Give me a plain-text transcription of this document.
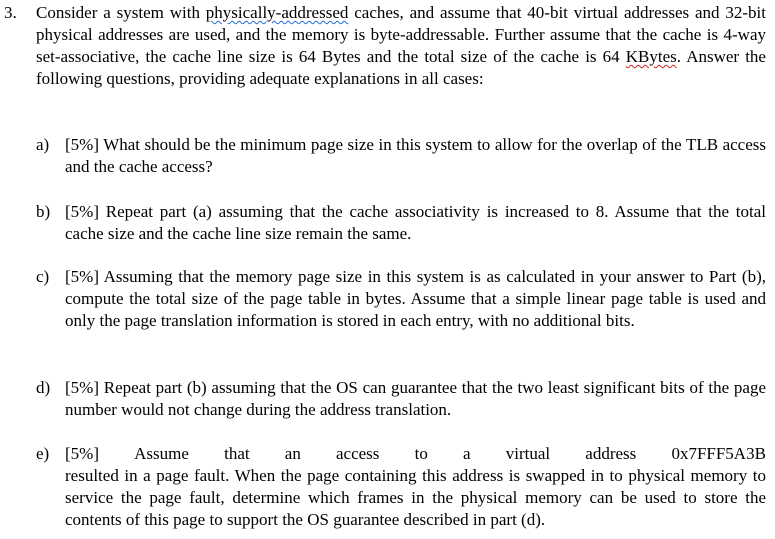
3. Consider a system with physically-addressed caches, and assume that 40-bit virtual addresses and 32-bit physical addresses are used, and the memory is byte-addressable. Further assume that the cache is 4-way set-associative, the cache line size is 64 Bytes and the total size of the cache is 64 KBytes. Answer the following questions, providing adequate explanations in all cases:
a) [5%] What should be the minimum page size in this system to allow for the overlap of the TLB access and the cache access?
b) [5%] Repeat part (a) assuming that the cache associativity is increased to 8. Assume that the total cache size and the cache line size remain the same.
c) [5%] Assuming that the memory page size in this system is as calculated in your answer to Part (b), compute the total size of the page table in bytes. Assume that a simple linear page table is used and only the page translation information is stored in each entry, with no additional bits.
d) [5%] Repeat part (b) assuming that the OS can guarantee that the two least significant bits of the page number would not change during the address translation.
e) [5%] Assume that an access to a virtual address 0x7FFF5A3B
resulted in a page fault. When the page containing this address is swapped in to physical memory to service the page fault, determine which frames in the physical memory can be used to store the contents of this page to support the OS guarantee described in part (d).
